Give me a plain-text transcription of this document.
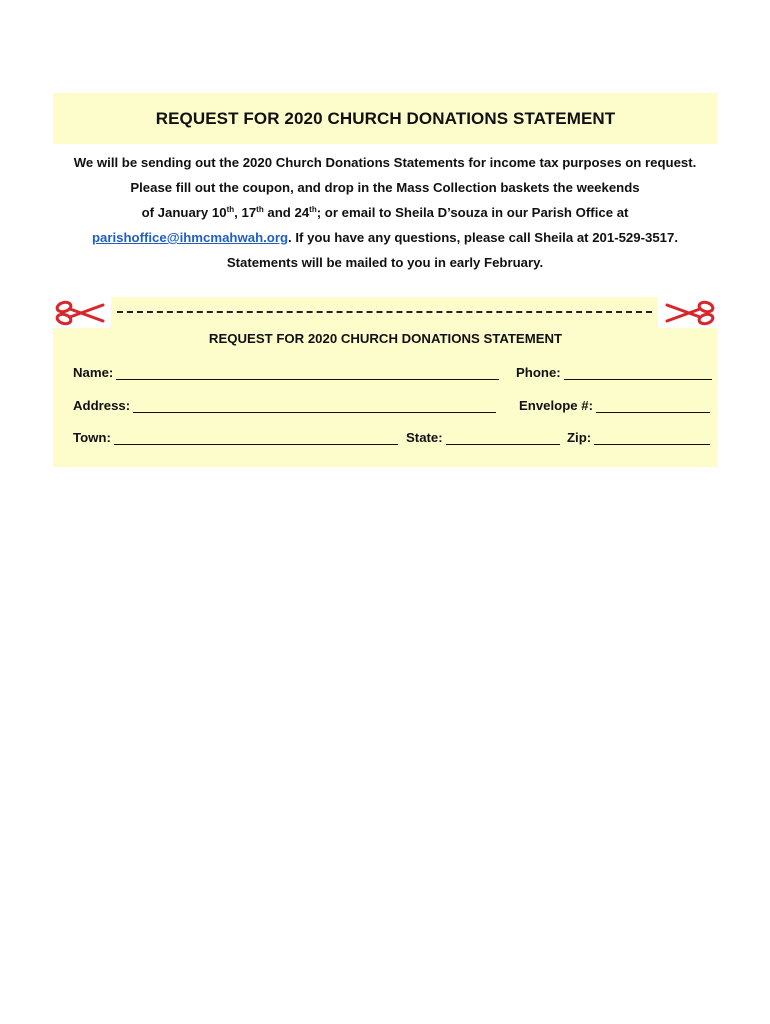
REQUEST FOR 2020 CHURCH DONATIONS STATEMENT

We will be sending out the 2020 Church Donations Statements for income tax purposes on request.

Please fill out the coupon, and drop in the Mass Collection baskets the weekends

of January 10th, 17th and 24th; or email to Sheila D’souza in our Parish Office at

parishoffice@ihmcmahwah.org. If you have any questions, please call Sheila at 201-529-3517.

Statements will be mailed to you in early February.

REQUEST FOR 2020 CHURCH DONATIONS STATEMENT
Name:	Phone:
Address:	Envelope #:
Town:	State:	Zip:
